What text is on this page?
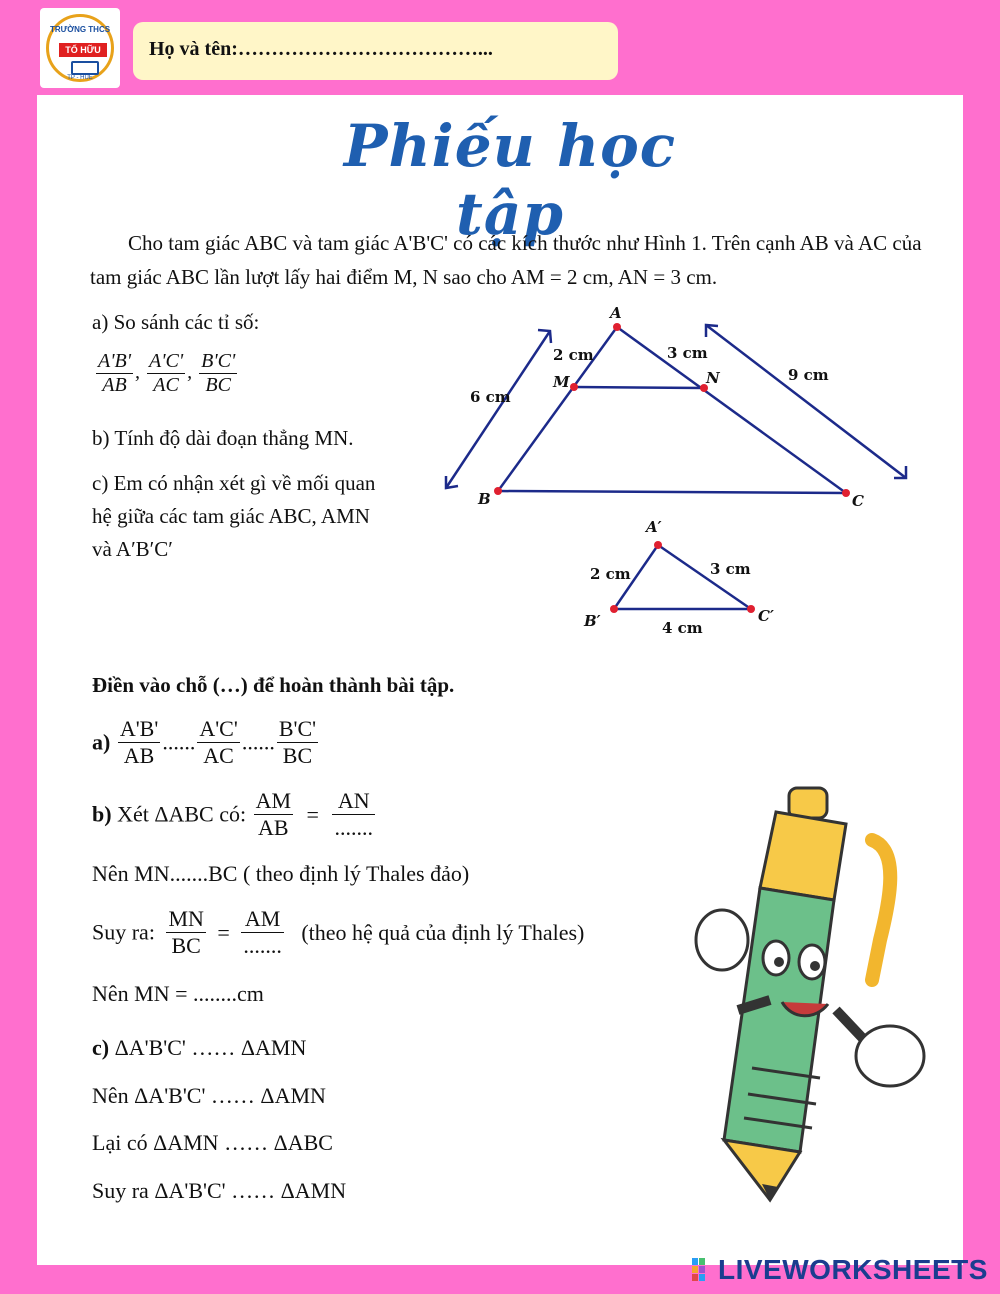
TRƯỜNG THCS
TỐ HỮU
TP - HUẾ
Họ và tên:………………………………...
Phiếu học tập
Cho tam giác ABC và tam giác A'B'C' có các kích thước như Hình 1. Trên cạnh AB và AC của tam giác ABC lần lượt lấy hai điểm M, N sao cho AM = 2 cm, AN = 3 cm.
a) So sánh các tỉ số:
$\frac{A'B'}{AB}$ , $\frac{A'C'}{AC}$ , $\frac{B'C'}{BC}$
b) Tính độ dài đoạn thẳng MN.
c) Em có nhận xét gì về mối quan
hệ giữa các tam giác ABC, AMN
và A′B′C′
A
B	C
M	N
2 cm	3 cm
6 cm
9 cm
A′
B′	C′
2 cm	3 cm
4 cm
Điền vào chỗ (…) để hoàn thành bài tập.
$a) \frac{A'B'}{AB}$ ...... $\frac{A'C'}{AC}$ ...... $\frac{B'C'}{BC}$
b) Xét ΔABC có: $\frac{AM}{AB} = \frac{AN}{.......}$
Nên MN.......BC ( theo định lý Thales đảo)
Suy ra: $\frac{MN}{BC} = \frac{AM}{.......}$ (theo hệ quả của định lý Thales)
Nên MN = ........cm
c) ΔA'B'C' …… ΔAMN
Nên ΔA'B'C' …… ΔAMN
Lại có ΔAMN …… ΔABC
Suy ra ΔA'B'C' …… ΔAMN
LIVEWORKSHEETS
